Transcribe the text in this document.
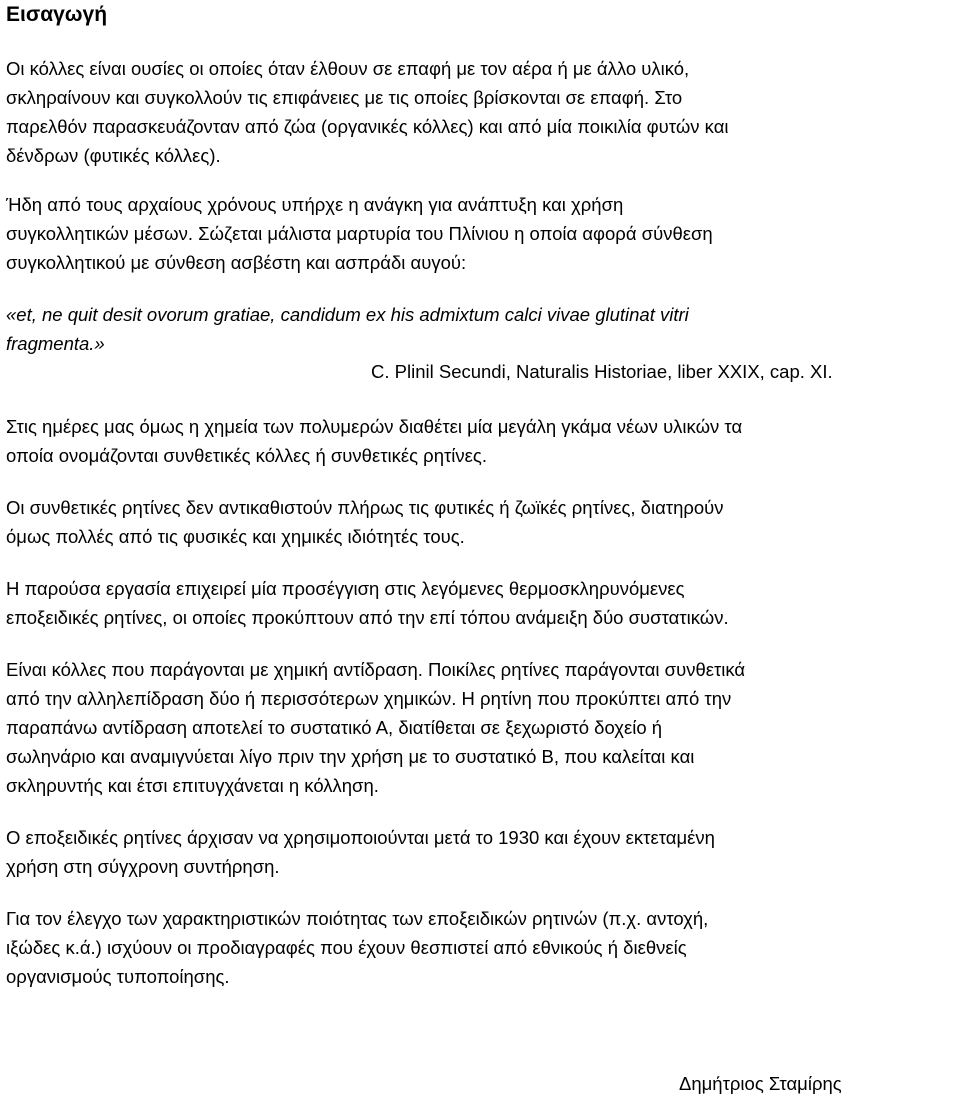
Εισαγωγή

Οι κόλλες είναι ουσίες οι οποίες όταν έλθουν σε επαφή με τον αέρα ή με άλλο υλικό,
σκληραίνουν και συγκολλούν τις επιφάνειες με τις οποίες βρίσκονται σε επαφή. Στο
παρελθόν παρασκευάζονταν από ζώα (οργανικές κόλλες) και από μία ποικιλία φυτών και
δένδρων (φυτικές κόλλες).

Ήδη από τους αρχαίους χρόνους υπήρχε η ανάγκη για ανάπτυξη και χρήση
συγκολλητικών μέσων. Σώζεται μάλιστα μαρτυρία του Πλίνιου η οποία αφορά σύνθεση
συγκολλητικού με σύνθεση ασβέστη και ασπράδι αυγού:

«et, ne quit desit ovorum gratiae, candidum ex his admixtum calci vivae glutinat vitri
fragmenta.»

C. Plinil Secundi, Naturalis Historiae, liber XXIX, cap. XI.

Στις ημέρες μας όμως η χημεία των πολυμερών διαθέτει μία μεγάλη γκάμα νέων υλικών τα
οποία ονομάζονται συνθετικές κόλλες ή συνθετικές ρητίνες.

Οι συνθετικές ρητίνες δεν αντικαθιστούν πλήρως τις φυτικές ή ζωϊκές ρητίνες, διατηρούν
όμως πολλές από τις φυσικές και χημικές ιδιότητές τους.

Η παρούσα εργασία επιχειρεί μία προσέγγιση στις λεγόμενες θερμοσκληρυνόμενες
εποξειδικές ρητίνες, οι οποίες προκύπτουν από την επί τόπου ανάμειξη δύο συστατικών.

Είναι κόλλες που παράγονται με χημική αντίδραση. Ποικίλες ρητίνες παράγονται συνθετικά
από την αλληλεπίδραση δύο ή περισσότερων χημικών. Η ρητίνη που προκύπτει από την
παραπάνω αντίδραση αποτελεί το συστατικό Α, διατίθεται σε ξεχωριστό δοχείο ή
σωληνάριο και αναμιγνύεται λίγο πριν την χρήση με το συστατικό Β, που καλείται και
σκληρυντής και έτσι επιτυγχάνεται η κόλληση.

Ο εποξειδικές ρητίνες άρχισαν να χρησιμοποιούνται μετά το 1930 και έχουν εκτεταμένη
χρήση στη σύγχρονη συντήρηση.

Για τον έλεγχο των χαρακτηριστικών ποιότητας των εποξειδικών ρητινών (π.χ. αντοχή,
ιξώδες κ.ά.) ισχύουν οι προδιαγραφές που έχουν θεσπιστεί από εθνικούς ή διεθνείς
οργανισμούς τυποποίησης.

Δημήτριος Σταμίρης
